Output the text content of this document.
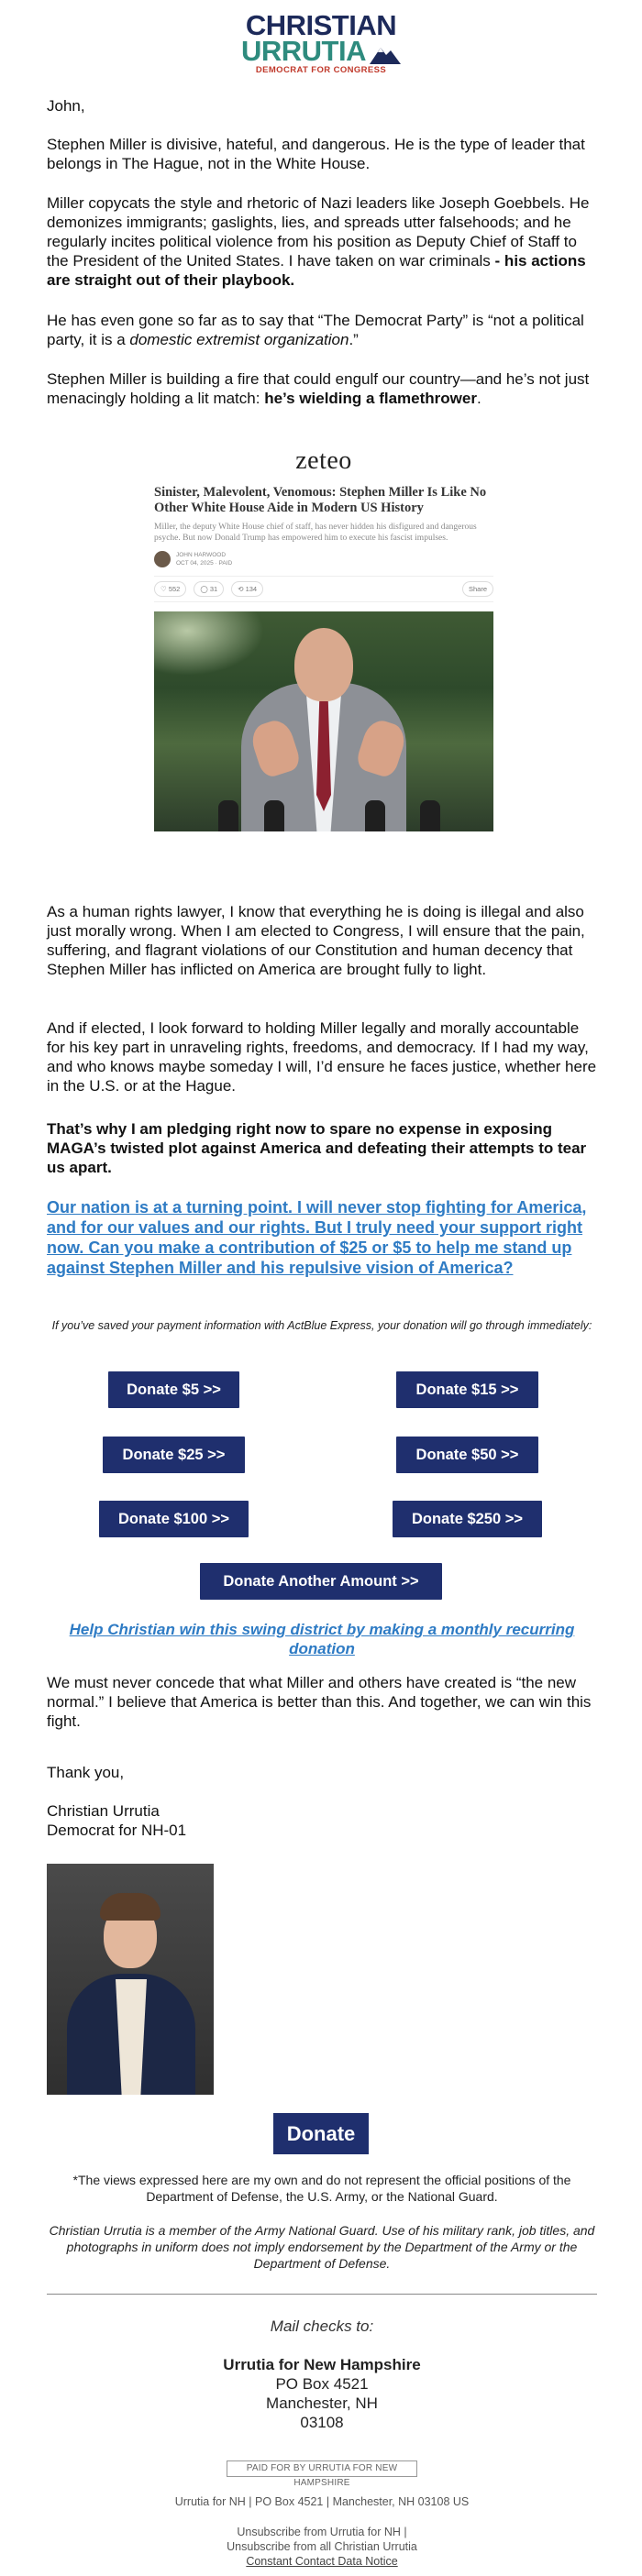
CHRISTIAN
URRUTIA
DEMOCRAT FOR CONGRESS

John,

Stephen Miller is divisive, hateful, and dangerous. He is the type of leader that belongs in The Hague, not in the White House.

Miller copycats the style and rhetoric of Nazi leaders like Joseph Goebbels. He demonizes immigrants; gaslights, lies, and spreads utter falsehoods; and he regularly incites political violence from his position as Deputy Chief of Staff to the President of the United States. I have taken on war criminals - his actions are straight out of their playbook.

He has even gone so far as to say that “The Democrat Party” is “not a political party, it is a domestic extremist organization.”

Stephen Miller is building a fire that could engulf our country—and he’s not just menacingly holding a lit match: he’s wielding a flamethrower.

zeteo
Sinister, Malevolent, Venomous: Stephen Miller Is Like No Other White House Aide in Modern US History
Miller, the deputy White House chief of staff, has never hidden his disfigured and dangerous psyche. But now Donald Trump has empowered him to execute his fascist impulses.
JOHN HARWOOD
OCT 04, 2025 · PAID
♡ 552	◯ 31	⟲ 134	Share

As a human rights lawyer, I know that everything he is doing is illegal and also just morally wrong. When I am elected to Congress, I will ensure that the pain, suffering, and flagrant violations of our Constitution and human decency that Stephen Miller has inflicted on America are brought fully to light.

And if elected, I look forward to holding Miller legally and morally accountable for his key part in unraveling rights, freedoms, and democracy. If I had my way, and who knows maybe someday I will, I’d ensure he faces justice, whether here in the U.S. or at the Hague.

That’s why I am pledging right now to spare no expense in exposing MAGA’s twisted plot against America and defeating their attempts to tear us apart.

Our nation is at a turning point. I will never stop fighting for America, and for our values and our rights. But I truly need your support right now. Can you make a contribution of $25 or $5 to help me stand up against Stephen Miller and his repulsive vision of America?
If you’ve saved your payment information with ActBlue Express, your donation will go through immediately:
Donate $5 >>	Donate $15 >>
Donate $25 >>	Donate $50 >>
Donate $100 >>	Donate $250 >>
Donate Another Amount >>
Help Christian win this swing district by making a monthly recurring donation

We must never concede that what Miller and others have created is “the new normal.” I believe that America is better than this. And together, we can win this fight.

Thank you,

Christian Urrutia

Democrat for NH-01

Donate
*The views expressed here are my own and do not represent the official positions of the Department of Defense, the U.S. Army, or the National Guard.
Christian Urrutia is a member of the Army National Guard. Use of his military rank, job titles, and photographs in uniform does not imply endorsement by the Department of the Army or the Department of Defense.
Mail checks to:
Urrutia for New Hampshire
PO Box 4521
Manchester, NH
03108
PAID FOR BY URRUTIA FOR NEW HAMPSHIRE
Urrutia for NH | PO Box 4521 | Manchester, NH 03108 US
Unsubscribe from Urrutia for NH |
Unsubscribe from all Christian Urrutia
Constant Contact Data Notice
